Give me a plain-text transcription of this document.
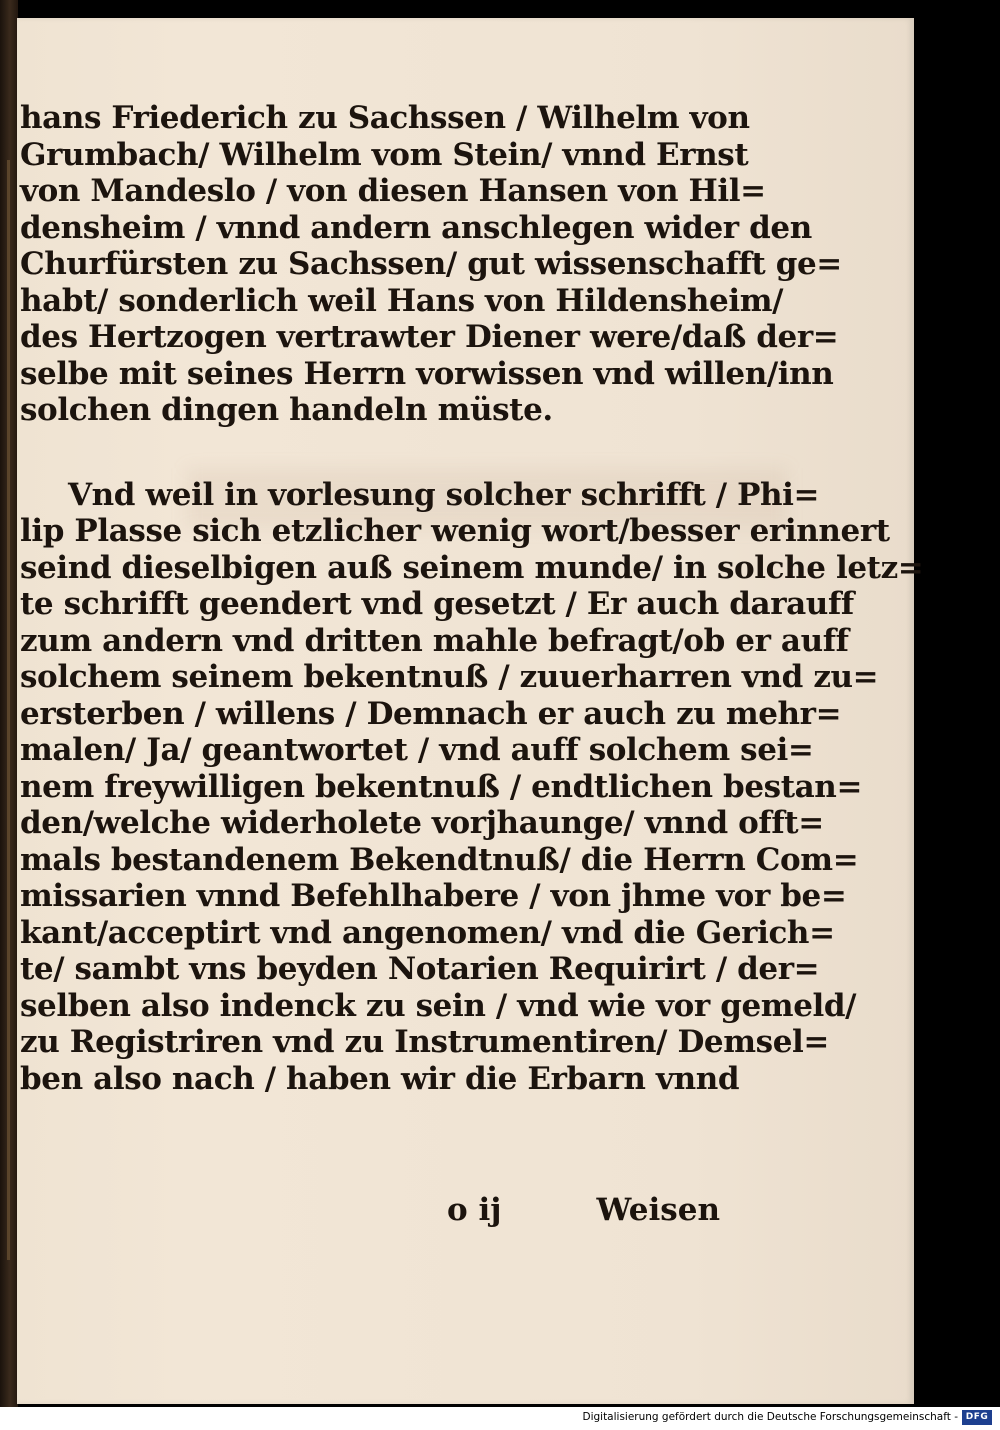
hans Friederich zu Sachssen / Wilhelm von
Grumbach/ Wilhelm vom Stein/ vnnd Ernst
von Mandeslo / von diesen Hansen von Hil=
densheim / vnnd andern anschlegen wider den
Churfürsten zu Sachssen/ gut wissenschafft ge=
habt/ sonderlich weil Hans von Hildensheim/
des Hertzogen vertrawter Diener were/daß der=
selbe mit seines Herrn vorwissen vnd willen/inn
solchen dingen handeln müste.
Vnd weil in vorlesung solcher schrifft / Phi=
lip Plasse sich etzlicher wenig wort/besser erinnert
seind dieselbigen auß seinem munde/ in solche letz=
te schrifft geendert vnd gesetzt / Er auch darauff
zum andern vnd dritten mahle befragt/ob er auff
solchem seinem bekentnuß / zuuerharren vnd zu=
ersterben / willens / Demnach er auch zu mehr=
malen/ Ja/ geantwortet / vnd auff solchem sei=
nem freywilligen bekentnuß / endtlichen bestan=
den/welche widerholete vorjhaunge/ vnnd offt=
mals bestandenem Bekendtnuß/ die Herrn Com=
missarien vnnd Befehlhabere / von jhme vor be=
kant/acceptirt vnd angenomen/ vnd die Gerich=
te/ sambt vns beyden Notarien Requirirt / der=
selben also indenck zu sein / vnd wie vor gemeld/
zu Registriren vnd zu Instrumentiren/ Demsel=
ben also nach / haben wir die Erbarn vnnd
o ij	Weisen
Digitalisierung gefördert durch die Deutsche Forschungsgemeinschaft - DFG
